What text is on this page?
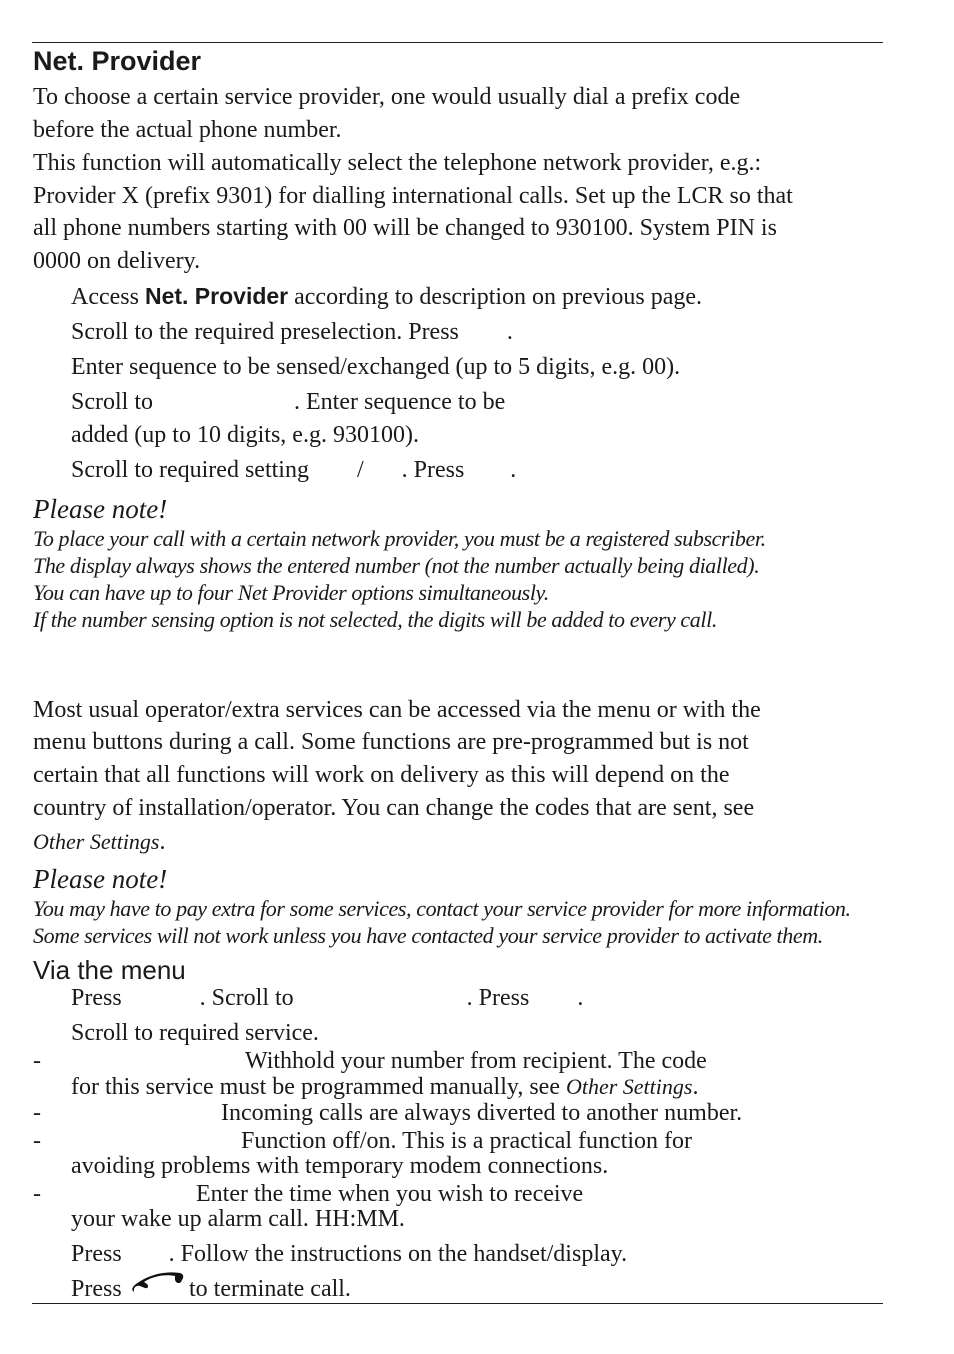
Net. Provider
To choose a certain service provider, one would usually dial a prefix code
before the actual phone number.
This function will automatically select the telephone network provider, e.g.:
Provider X (prefix 9301) for dialling international calls. Set up the LCR so that
all phone numbers starting with 00 will be changed to 930100. System PIN is
0000 on delivery.
Access Net. Provider according to description on previous page.
Scroll to the required preselection. Press .
Enter sequence to be sensed/exchanged (up to 5 digits, e.g. 00).
Scroll to	. Enter sequence to be
added (up to 10 digits, e.g. 930100).
Scroll to required setting / . Press .
Please note!
To place your call with a certain network provider, you must be a registered subscriber.
The display always shows the entered number (not the number actually being dialled).
You can have up to four Net Provider options simultaneously.
If the number sensing option is not selected, the digits will be added to every call.
Most usual operator/extra services can be accessed via the menu or with the
menu buttons during a call. Some functions are pre-programmed but is not
certain that all functions will work on delivery as this will depend on the
country of installation/operator. You can change the codes that are sent, see
Other Settings.
Please note!
You may have to pay extra for some services, contact your service provider for more information.
Some services will not work unless you have contacted your service provider to activate them.
Via the menu
Press	. Scroll to	. Press .
Scroll to required service.
-	Withhold your number from recipient. The code
for this service must be programmed manually, see Other Settings.
-	Incoming calls are always diverted to another number.
-	Function off/on. This is a practical function for
avoiding problems with temporary modem connections.
-	Enter the time when you wish to receive
your wake up alarm call. HH:MM.
Press . Follow the instructions on the handset/display.
Press	to terminate call.
